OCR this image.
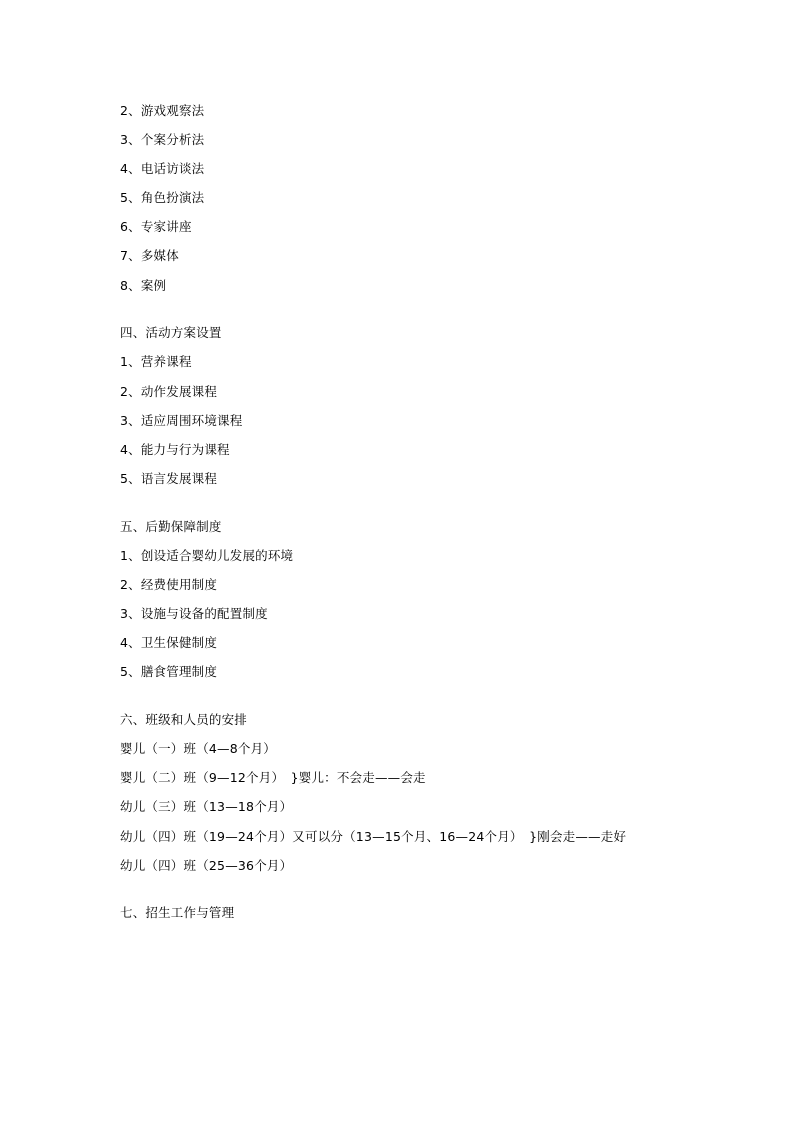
2、游戏观察法
3、个案分析法
4、电话访谈法
5、角色扮演法
6、专家讲座
7、多媒体
8、案例
四、活动方案设置
1、营养课程
2、动作发展课程
3、适应周围环境课程
4、能力与行为课程
5、语言发展课程
五、后勤保障制度
1、创设适合婴幼儿发展的环境
2、经费使用制度
3、设施与设备的配置制度
4、卫生保健制度
5、膳食管理制度
六、班级和人员的安排
婴儿（一）班（4—8个月）
婴儿（二）班（9—12个月）　}婴儿：不会走——会走
幼儿（三）班（13—18个月）
幼儿（四）班（19—24个月）又可以分（13—15个月、16—24个月）　}刚会走——走好
幼儿（四）班（25—36个月）
七、招生工作与管理
